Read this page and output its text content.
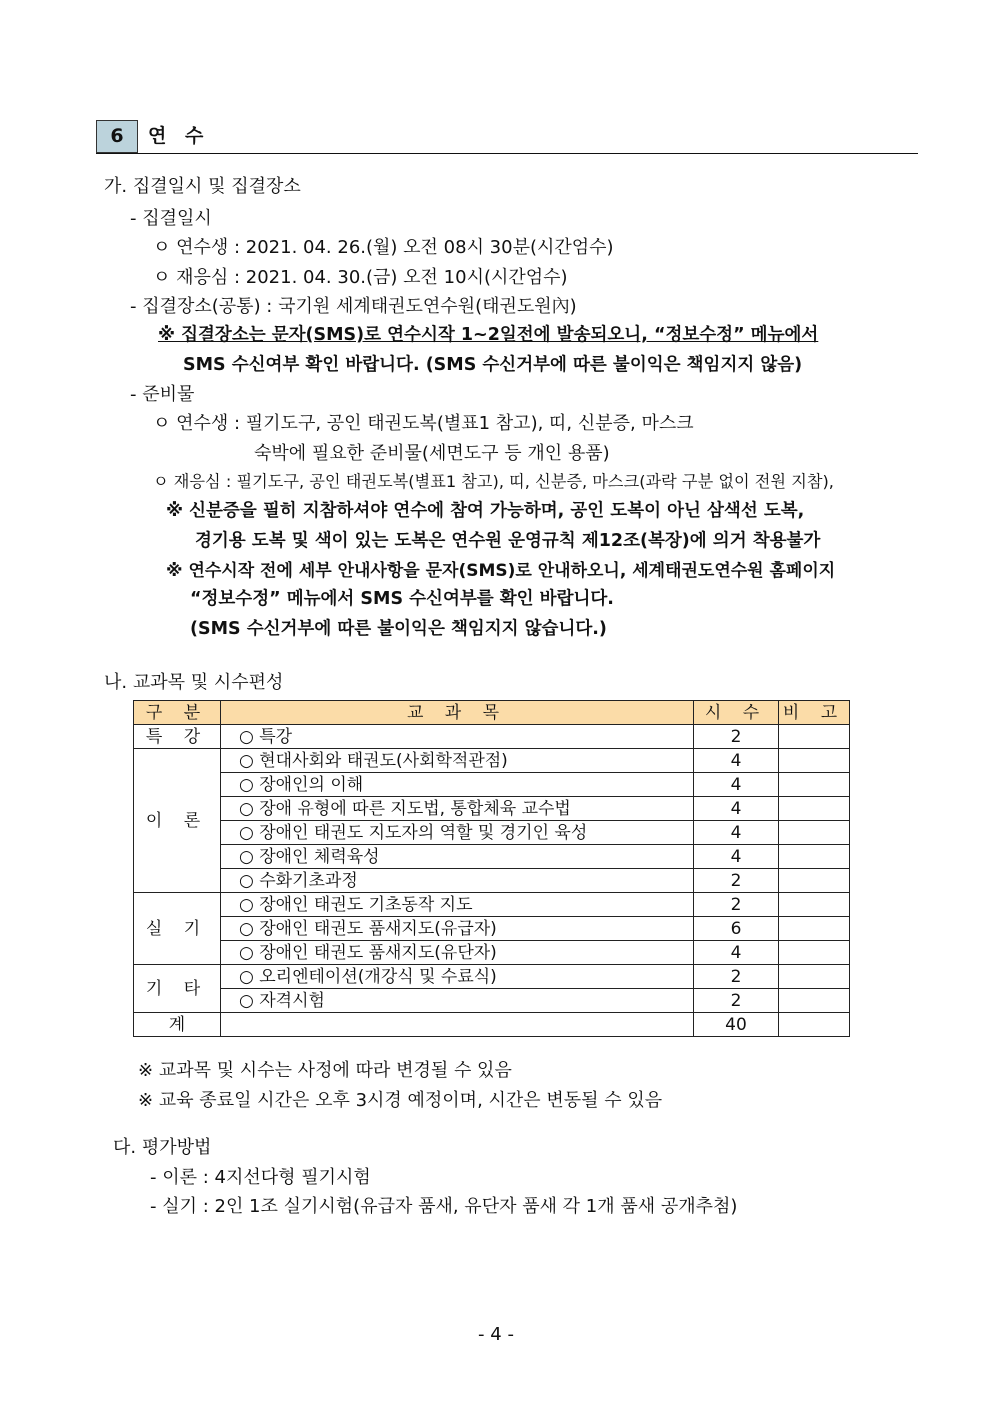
6	연 수
가. 집결일시 및 집결장소
- 집결일시
ㅇ 연수생 : 2021. 04. 26.(월) 오전 08시 30분(시간엄수)
ㅇ 재응심 : 2021. 04. 30.(금) 오전 10시(시간엄수)
- 집결장소(공통) : 국기원 세계태권도연수원(태권도원內)
※ 집결장소는 문자(SMS)로 연수시작 1~2일전에 발송되오니, “정보수정” 메뉴에서
SMS 수신여부 확인 바랍니다. (SMS 수신거부에 따른 불이익은 책임지지 않음)
- 준비물
ㅇ 연수생 : 필기도구, 공인 태권도복(별표1 참고), 띠, 신분증, 마스크
숙박에 필요한 준비물(세면도구 등 개인 용품)
ㅇ 재응심 : 필기도구, 공인 태권도복(별표1 참고), 띠, 신분증, 마스크(과락 구분 없이 전원 지참),
※ 신분증을 필히 지참하셔야 연수에 참여 가능하며, 공인 도복이 아닌 삼색선 도복,
경기용 도복 및 색이 있는 도복은 연수원 운영규칙 제12조(복장)에 의거 착용불가
※ 연수시작 전에 세부 안내사항을 문자(SMS)로 안내하오니, 세계태권도연수원 홈페이지
“정보수정” 메뉴에서 SMS 수신여부를 확인 바랍니다.
(SMS 수신거부에 따른 불이익은 책임지지 않습니다.)
나. 교과목 및 시수편성
구 분	교 과 목	시 수	비 고
특 강	○ 특강	2	
이 론	○ 현대사회와 태권도(사회학적관점)	4	
	○ 장애인의 이해	4	
	○ 장애 유형에 따른 지도법, 통합체육 교수법	4	
	○ 장애인 태권도 지도자의 역할 및 경기인 육성	4	
	○ 장애인 체력육성	4	
	○ 수화기초과정	2	
실 기	○ 장애인 태권도 기초동작 지도	2	
	○ 장애인 태권도 품새지도(유급자)	6	
	○ 장애인 태권도 품새지도(유단자)	4	
기 타	○ 오리엔테이션(개강식 및 수료식)	2	
	○ 자격시험	2	
계		40	
※ 교과목 및 시수는 사정에 따라 변경될 수 있음
※ 교육 종료일 시간은 오후 3시경 예정이며, 시간은 변동될 수 있음
다. 평가방법
- 이론 : 4지선다형 필기시험
- 실기 : 2인 1조 실기시험(유급자 품새, 유단자 품새 각 1개 품새 공개추첨)
- 4 -
